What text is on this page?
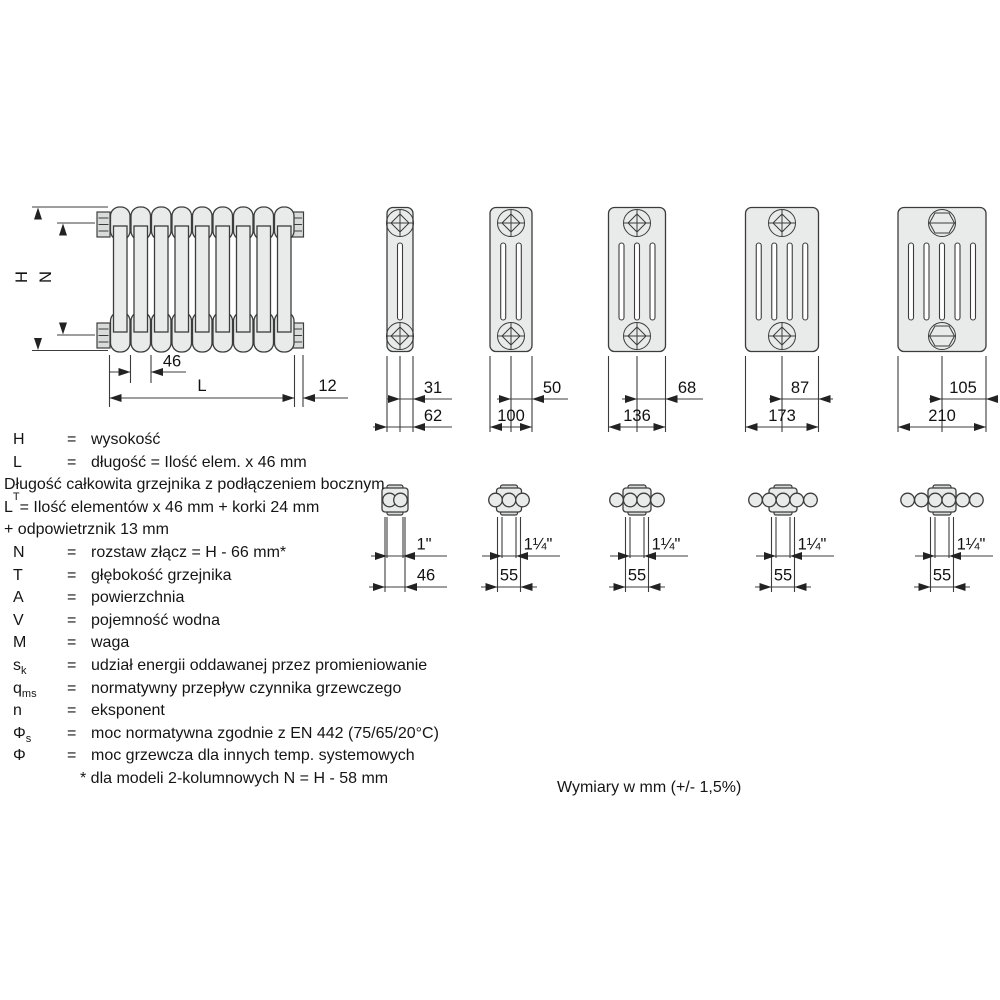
H N
46
L	12	31
62
50
100
68
136
87
173
105
210
1"
46
1¼"
55
1¼"
55
1¼"
55
1¼"
55
H	= wysokość
L	= długość = Ilość elem. x 46 mm
Długość całkowita grzejnika z podłączeniem bocznym
L
T
= Ilość elementów x 46 mm + korki 24 mm
+ odpowietrznik 13 mm
N	= rozstaw złącz = H - 66 mm*
T	= głębokość grzejnika
A	= powierzchnia
V	= pojemność wodna
M	= waga
$s_k$	= udział energii oddawanej przez promieniowanie
$q_{ms}$	= normatywny przepływ czynnika grzewczego
n	= eksponent
$\Phi_s$	= moc normatywna zgodnie z EN 442 (75/65/20°C)
Φ	= moc grzewcza dla innych temp. systemowych
* dla modeli 2-kolumnowych N = H - 58 mm
Wymiary w mm (+/- 1,5%)
